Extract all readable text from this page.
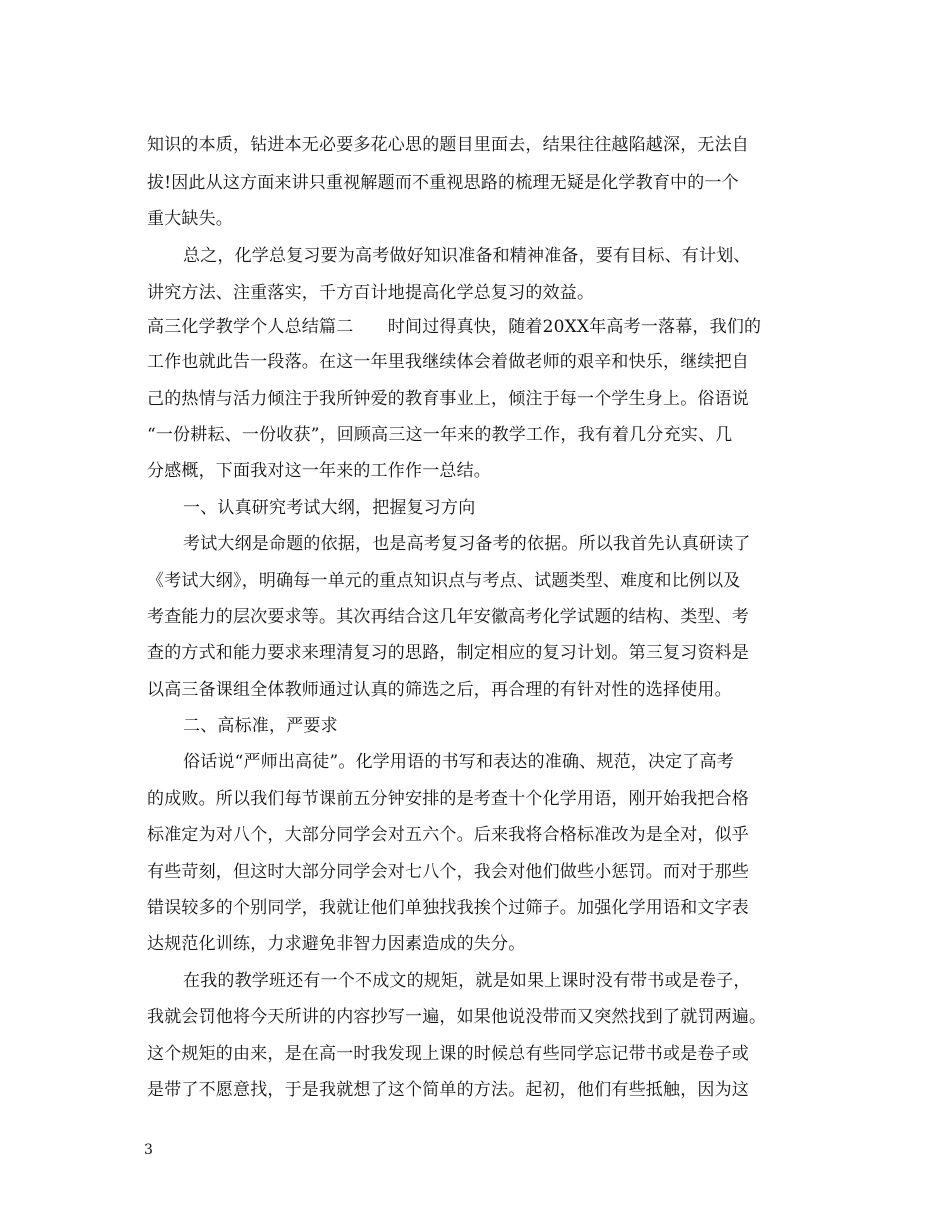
知识的本质，钻进本无必要多花心思的题目里面去，结果往往越陷越深，无法自
拔!因此从这方面来讲只重视解题而不重视思路的梳理无疑是化学教育中的一个
重大缺失。
总之，化学总复习要为高考做好知识准备和精神准备，要有目标、有计划、
讲究方法、注重落实，千方百计地提高化学总复习的效益。
高三化学教学个人总结篇二　　时间过得真快，随着20XX年高考一落幕，我们的
工作也就此告一段落。在这一年里我继续体会着做老师的艰辛和快乐，继续把自
己的热情与活力倾注于我所钟爱的教育事业上，倾注于每一个学生身上。俗语说
“一份耕耘、一份收获”，回顾高三这一年来的教学工作，我有着几分充实、几
分感概，下面我对这一年来的工作作一总结。
一、认真研究考试大纲，把握复习方向
考试大纲是命题的依据，也是高考复习备考的依据。所以我首先认真研读了
《考试大纲》，明确每一单元的重点知识点与考点、试题类型、难度和比例以及
考查能力的层次要求等。其次再结合这几年安徽高考化学试题的结构、类型、考
查的方式和能力要求来理清复习的思路，制定相应的复习计划。第三复习资料是
以高三备课组全体教师通过认真的筛选之后，再合理的有针对性的选择使用。
二、高标准，严要求
俗话说“严师出高徒”。化学用语的书写和表达的准确、规范，决定了高考
的成败。所以我们每节课前五分钟安排的是考查十个化学用语，刚开始我把合格
标准定为对八个，大部分同学会对五六个。后来我将合格标准改为是全对，似乎
有些苛刻，但这时大部分同学会对七八个，我会对他们做些小惩罚。而对于那些
错误较多的个别同学，我就让他们单独找我挨个过筛子。加强化学用语和文字表
达规范化训练，力求避免非智力因素造成的失分。
在我的教学班还有一个不成文的规矩，就是如果上课时没有带书或是卷子，
我就会罚他将今天所讲的内容抄写一遍，如果他说没带而又突然找到了就罚两遍。
这个规矩的由来，是在高一时我发现上课的时候总有些同学忘记带书或是卷子或
是带了不愿意找，于是我就想了这个简单的方法。起初，他们有些抵触，因为这
3
